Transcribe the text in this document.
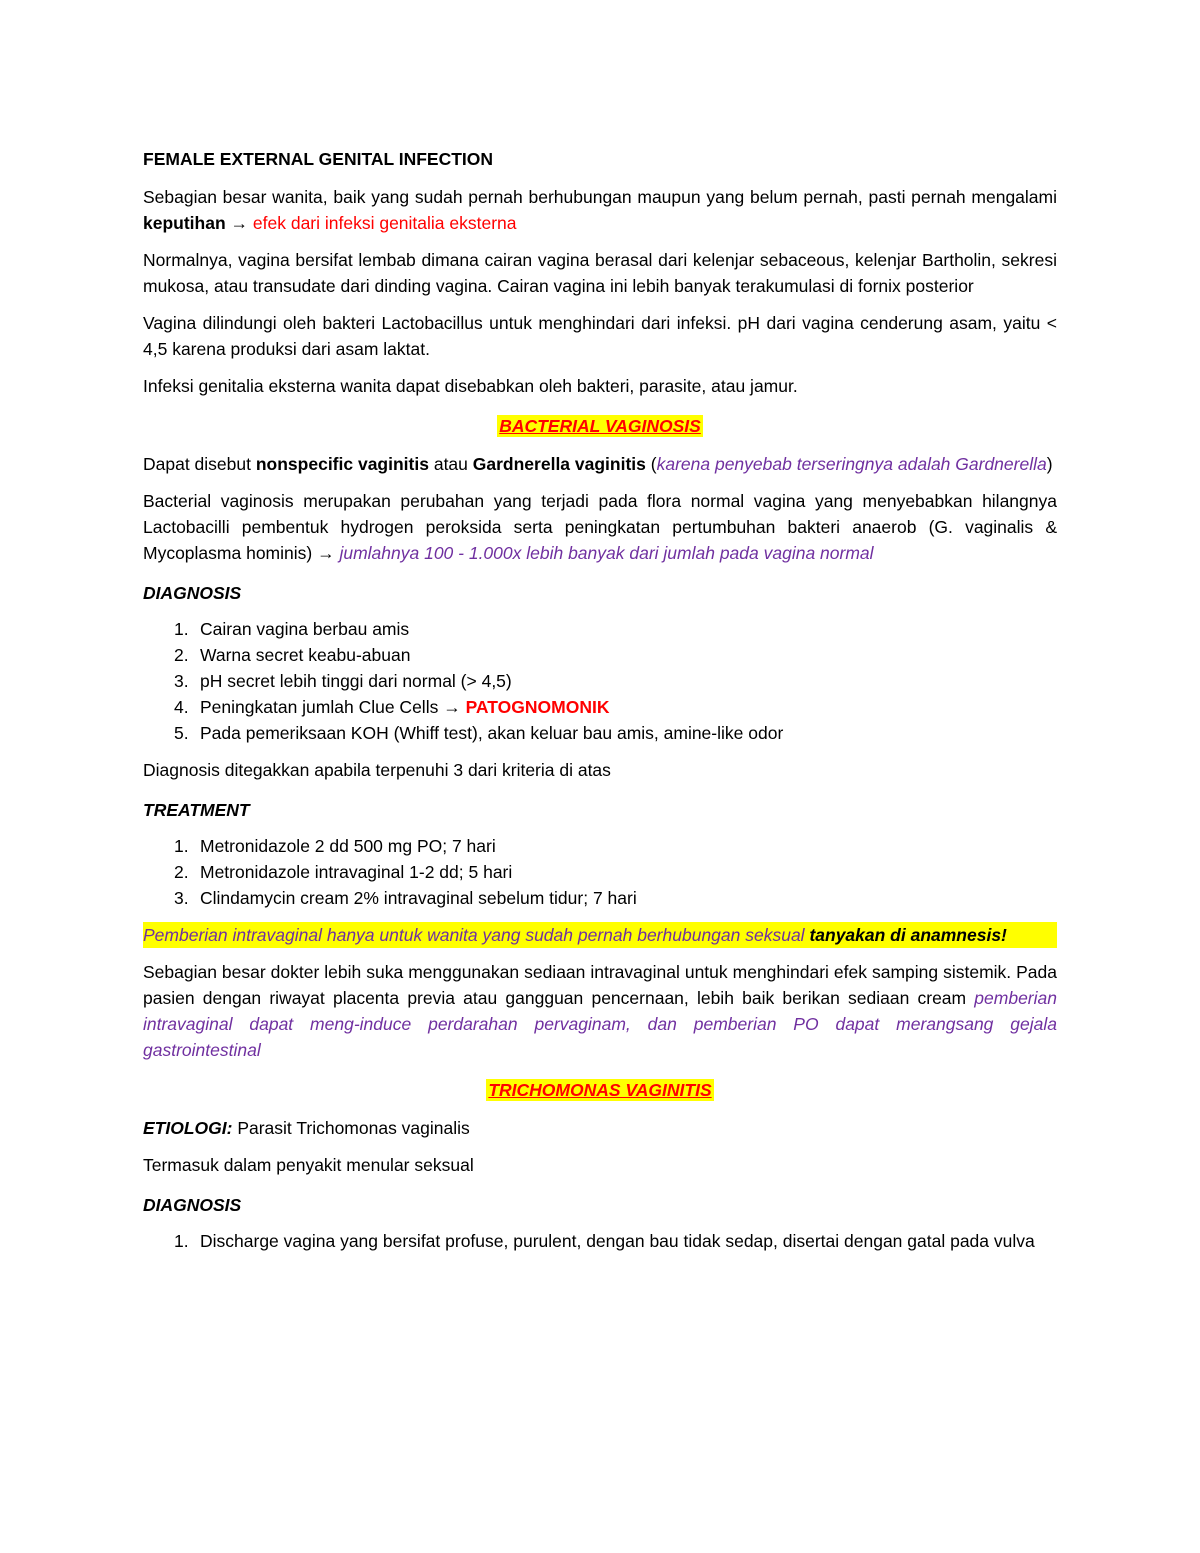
FEMALE EXTERNAL GENITAL INFECTION

Sebagian besar wanita, baik yang sudah pernah berhubungan maupun yang belum pernah, pasti pernah mengalami keputihan → efek dari infeksi genitalia eksterna

Normalnya, vagina bersifat lembab dimana cairan vagina berasal dari kelenjar sebaceous, kelenjar Bartholin, sekresi mukosa, atau transudate dari dinding vagina. Cairan vagina ini lebih banyak terakumulasi di fornix posterior

Vagina dilindungi oleh bakteri Lactobacillus untuk menghindari dari infeksi. pH dari vagina cenderung asam, yaitu < 4,5 karena produksi dari asam laktat.

Infeksi genitalia eksterna wanita dapat disebabkan oleh bakteri, parasite, atau jamur.

BACTERIAL VAGINOSIS

Dapat disebut nonspecific vaginitis atau Gardnerella vaginitis (karena penyebab terseringnya adalah Gardnerella)

Bacterial vaginosis merupakan perubahan yang terjadi pada flora normal vagina yang menyebabkan hilangnya Lactobacilli pembentuk hydrogen peroksida serta peningkatan pertumbuhan bakteri anaerob (G. vaginalis & Mycoplasma hominis) → jumlahnya 100 - 1.000x lebih banyak dari jumlah pada vagina normal

DIAGNOSIS
1. Cairan vagina berbau amis
2. Warna secret keabu-abuan
3. pH secret lebih tinggi dari normal (> 4,5)
4. Peningkatan jumlah Clue Cells → PATOGNOMONIK
5. Pada pemeriksaan KOH (Whiff test), akan keluar bau amis, amine-like odor

Diagnosis ditegakkan apabila terpenuhi 3 dari kriteria di atas

TREATMENT
1. Metronidazole 2 dd 500 mg PO; 7 hari
2. Metronidazole intravaginal 1-2 dd; 5 hari
3. Clindamycin cream 2% intravaginal sebelum tidur; 7 hari

Pemberian intravaginal hanya untuk wanita yang sudah pernah berhubungan seksual tanyakan di anamnesis!

Sebagian besar dokter lebih suka menggunakan sediaan intravaginal untuk menghindari efek samping sistemik. Pada pasien dengan riwayat placenta previa atau gangguan pencernaan, lebih baik berikan sediaan cream pemberian intravaginal dapat meng-induce perdarahan pervaginam, dan pemberian PO dapat merangsang gejala gastrointestinal

TRICHOMONAS VAGINITIS

ETIOLOGI: Parasit Trichomonas vaginalis

Termasuk dalam penyakit menular seksual

DIAGNOSIS
1. Discharge vagina yang bersifat profuse, purulent, dengan bau tidak sedap, disertai dengan gatal pada vulva
